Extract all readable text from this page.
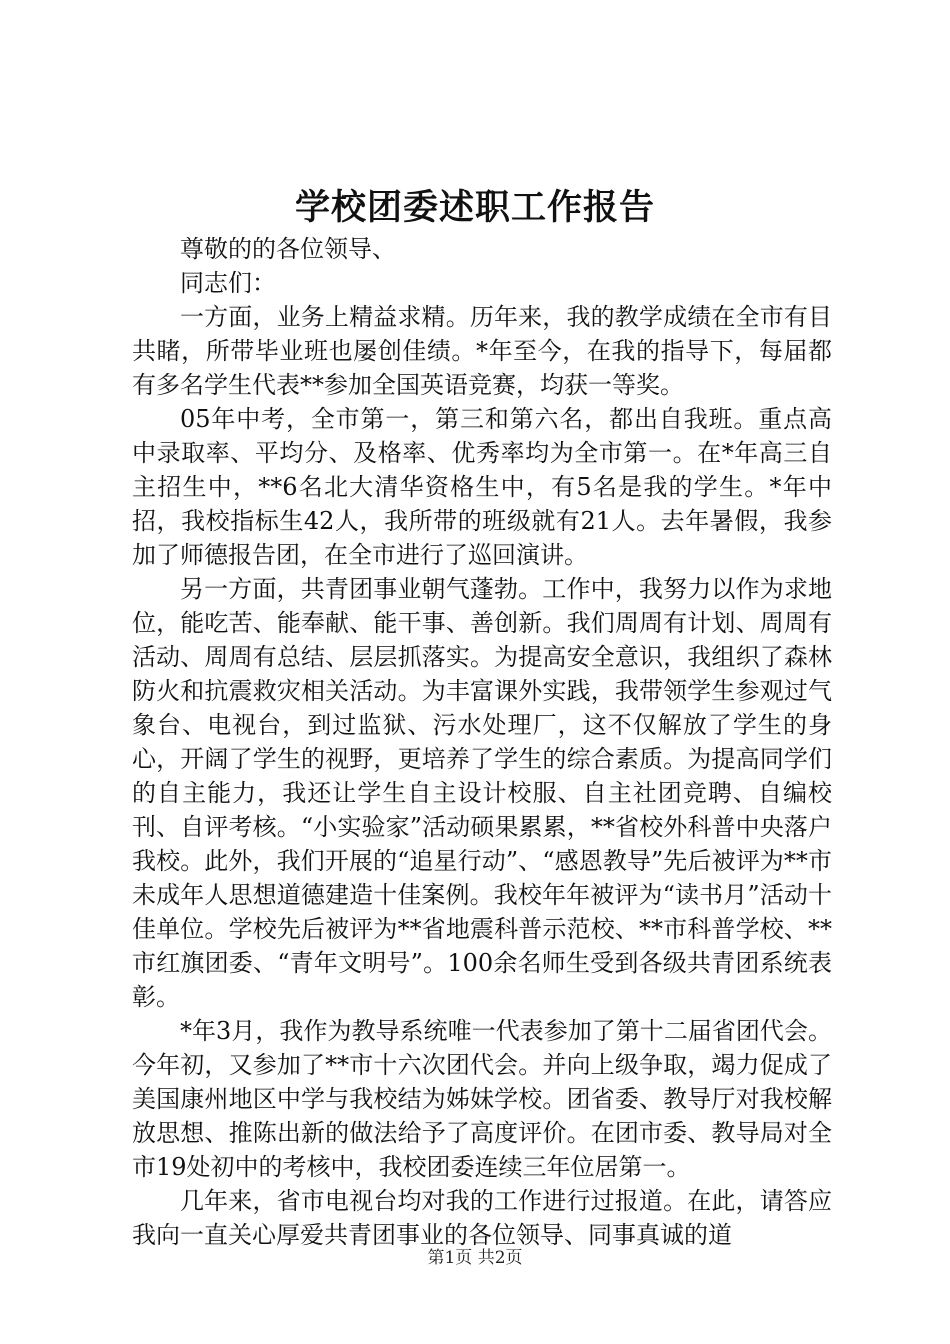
学校团委述职工作报告

尊敬的的各位领导、

同志们：

一方面，业务上精益求精。历年来，我的教学成绩在全市有目共睹，所带毕业班也屡创佳绩。*年至今，在我的指导下，每届都有多名学生代表**参加全国英语竞赛，均获一等奖。

05年中考，全市第一，第三和第六名，都出自我班。重点高中录取率、平均分、及格率、优秀率均为全市第一。在*年高三自主招生中，**6名北大清华资格生中，有5名是我的学生。*年中招，我校指标生42人，我所带的班级就有21人。去年暑假，我参加了师德报告团，在全市进行了巡回演讲。

另一方面，共青团事业朝气蓬勃。工作中，我努力以作为求地位，能吃苦、能奉献、能干事、善创新。我们周周有计划、周周有活动、周周有总结、层层抓落实。为提高安全意识，我组织了森林防火和抗震救灾相关活动。为丰富课外实践，我带领学生参观过气象台、电视台，到过监狱、污水处理厂，这不仅解放了学生的身心，开阔了学生的视野，更培养了学生的综合素质。为提高同学们的自主能力，我还让学生自主设计校服、自主社团竞聘、自编校刊、自评考核。“小实验家”活动硕果累累，**省校外科普中央落户我校。此外，我们开展的“追星行动”、“感恩教导”先后被评为**市未成年人思想道德建造十佳案例。我校年年被评为“读书月”活动十佳单位。学校先后被评为**省地震科普示范校、**市科普学校、**市红旗团委、“青年文明号”。100余名师生受到各级共青团系统表彰。

*年3月，我作为教导系统唯一代表参加了第十二届省团代会。今年初，又参加了**市十六次团代会。并向上级争取，竭力促成了美国康州地区中学与我校结为姊妹学校。团省委、教导厅对我校解放思想、推陈出新的做法给予了高度评价。在团市委、教导局对全市19处初中的考核中，我校团委连续三年位居第一。

几年来，省市电视台均对我的工作进行过报道。在此，请答应我向一直关心厚爱共青团事业的各位领导、同事真诚的道

第1页 共2页
